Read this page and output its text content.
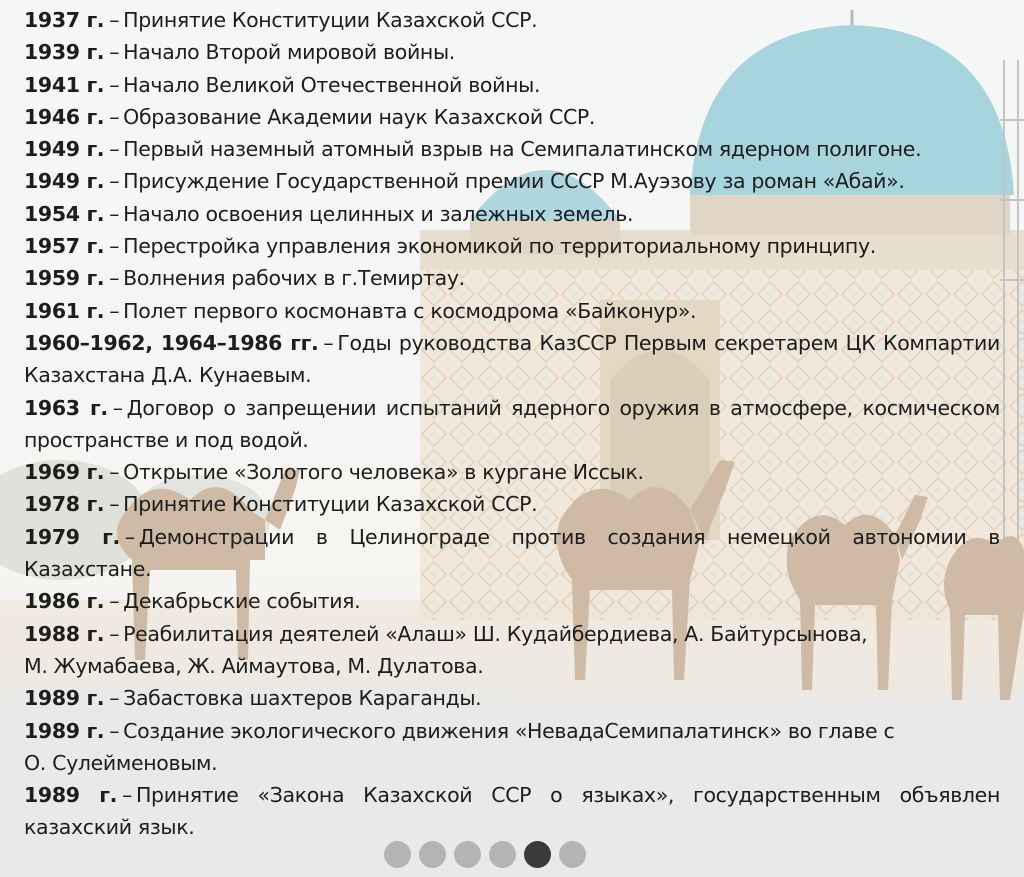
1937 г. – Принятие Конституции Казахской ССР.
1939 г. – Начало Второй мировой войны.
1941 г. – Начало Великой Отечественной войны.
1946 г. – Образование Академии наук Казахской ССР.
1949 г. – Первый наземный атомный взрыв на Семипалатинском ядерном полигоне.
1949 г. – Присуждение Государственной премии СССР М.Ауэзову за роман «Абай».
1954 г. – Начало освоения целинных и залежных земель.
1957 г. – Перестройка управления экономикой по территориальному принципу.
1959 г. – Волнения рабочих в г.Темиртау.
1961 г. – Полет первого космонавта с космодрома «Байконур».
1960–1962, 1964–1986 гг. – Годы руководства КазССР Первым секретарем ЦК Компартии Казахстана Д.А. Кунаевым.
1963 г. – Договор о запрещении испытаний ядерного оружия в атмосфере, космическом пространстве и под водой.
1969 г. – Открытие «Золотого человека» в кургане Иссык.
1978 г. – Принятие Конституции Казахской ССР.
1979 г. – Демонстрации в Целинограде против создания немецкой автономии в Казахстане.
1986 г. – Декабрьские события.
1988 г. – Реабилитация деятелей «Алаш» Ш. Кудайбердиева, А. Байтурсынова,
М. Жумабаева, Ж. Аймаутова, М. Дулатова.
1989 г. – Забастовка шахтеров Караганды.
1989 г. – Создание экологического движения «НевадаСемипалатинск» во главе с
О. Сулейменовым.
1989 г. – Принятие «Закона Казахской ССР о языках», государственным объявлен казахский язык.
